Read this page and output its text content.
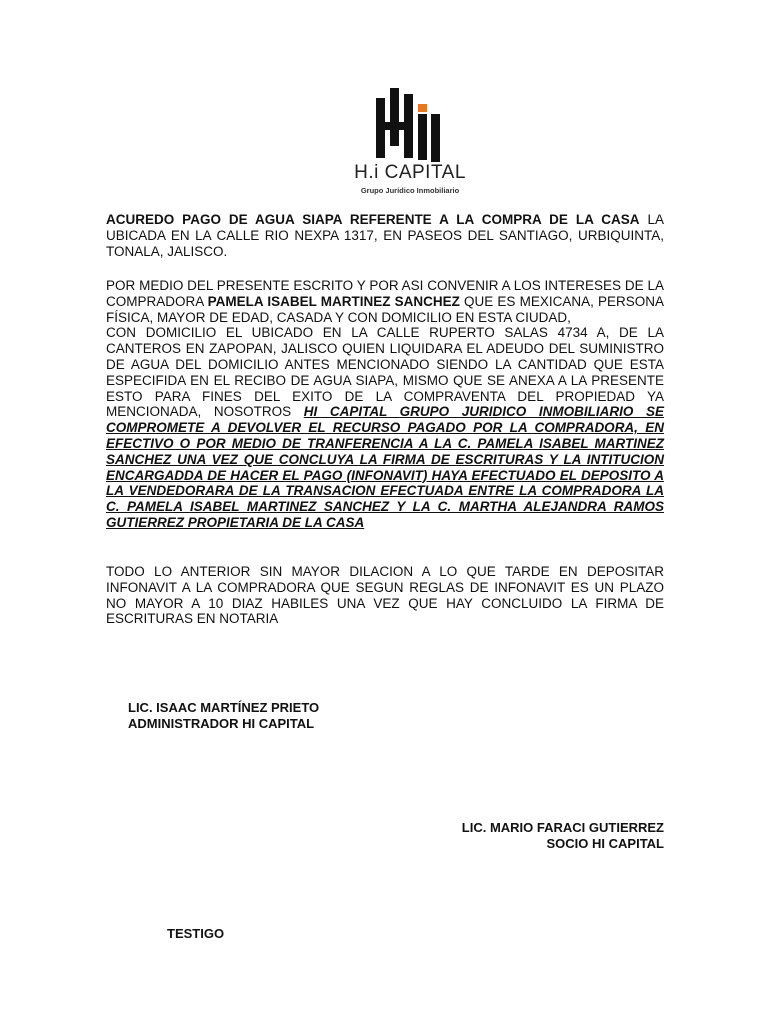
H.i CAPITAL
Grupo Jurídico Inmobiliario

ACUREDO PAGO DE AGUA SIAPA REFERENTE A LA COMPRA DE LA CASA LA UBICADA EN LA CALLE RIO NEXPA 1317, EN PASEOS DEL SANTIAGO, URBIQUINTA, TONALA, JALISCO.

POR MEDIO DEL PRESENTE ESCRITO Y POR ASI CONVENIR A LOS INTERESES DE LA COMPRADORA PAMELA ISABEL MARTINEZ SANCHEZ QUE ES MEXICANA, PERSONA FÍSICA, MAYOR DE EDAD, CASADA Y CON DOMICILIO EN ESTA CIUDAD,

CON DOMICILIO EL UBICADO EN LA CALLE RUPERTO SALAS 4734 A, DE LA CANTEROS EN ZAPOPAN, JALISCO QUIEN LIQUIDARA EL ADEUDO DEL SUMINISTRO DE AGUA DEL DOMICILIO ANTES MENCIONADO SIENDO LA CANTIDAD QUE ESTA ESPECIFIDA EN EL RECIBO DE AGUA SIAPA, MISMO QUE SE ANEXA A LA PRESENTE ESTO PARA FINES DEL EXITO DE LA COMPRAVENTA DEL PROPIEDAD YA MENCIONADA, NOSOTROS HI CAPITAL GRUPO JURIDICO INMOBILIARIO SE COMPROMETE A DEVOLVER EL RECURSO PAGADO POR LA COMPRADORA, EN EFECTIVO O POR MEDIO DE TRANFERENCIA A LA C. PAMELA ISABEL MARTINEZ SANCHEZ UNA VEZ QUE CONCLUYA LA FIRMA DE ESCRITURAS Y LA INTITUCION ENCARGADDA DE HACER EL PAGO (INFONAVIT) HAYA EFECTUADO EL DEPOSITO A LA VENDEDORARA DE LA TRANSACION EFECTUADA ENTRE LA COMPRADORA LA C. PAMELA ISABEL MARTINEZ SANCHEZ Y LA C. MARTHA ALEJANDRA RAMOS GUTIERREZ PROPIETARIA DE LA CASA

TODO LO ANTERIOR SIN MAYOR DILACION A LO QUE TARDE EN DEPOSITAR INFONAVIT A LA COMPRADORA QUE SEGUN REGLAS DE INFONAVIT ES UN PLAZO NO MAYOR A 10 DIAZ HABILES UNA VEZ QUE HAY CONCLUIDO LA FIRMA DE ESCRITURAS EN NOTARIA

LIC. ISAAC MARTÍNEZ PRIETO
ADMINISTRADOR HI CAPITAL
LIC. MARIO FARACI GUTIERREZ
SOCIO HI CAPITAL
TESTIGO
